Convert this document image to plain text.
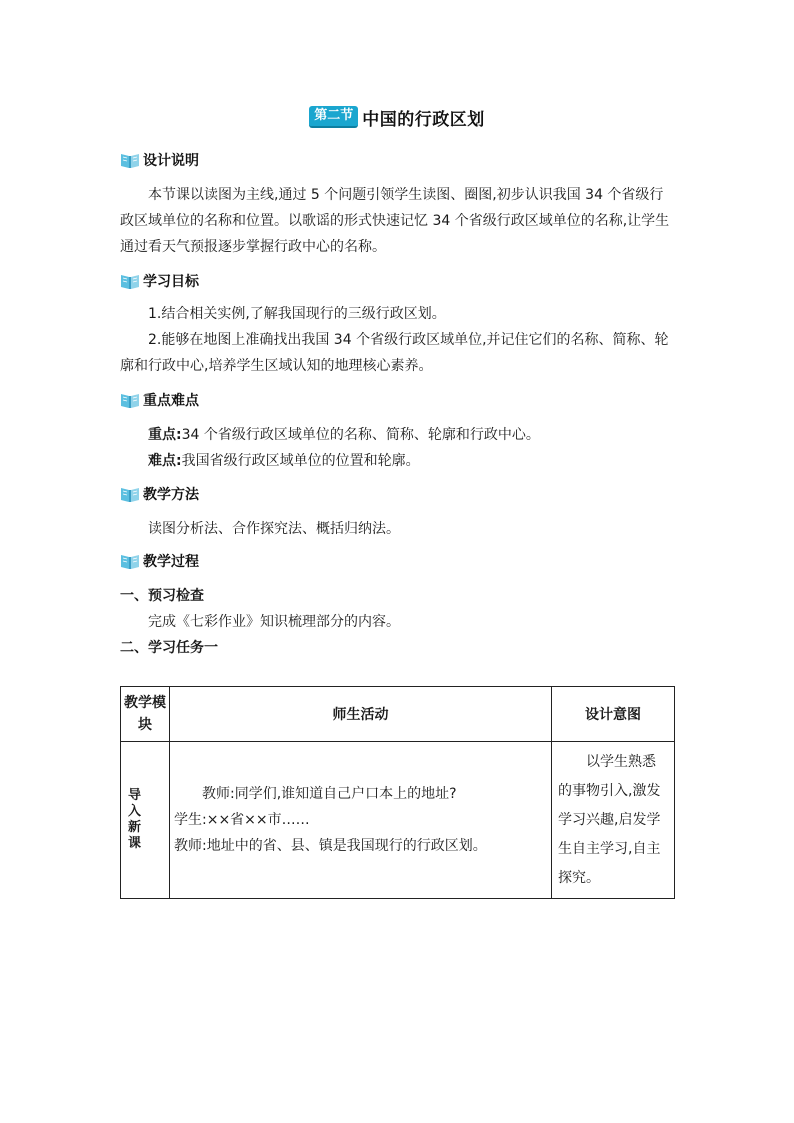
第二节 中国的行政区划
设计说明
本节课以读图为主线,通过 5 个问题引领学生读图、圈图,初步认识我国 34 个省级行政区域单位的名称和位置。以歌谣的形式快速记忆 34 个省级行政区域单位的名称,让学生通过看天气预报逐步掌握行政中心的名称。
学习目标
1.结合相关实例,了解我国现行的三级行政区划。
2.能够在地图上准确找出我国 34 个省级行政区域单位,并记住它们的名称、简称、轮廓和行政中心,培养学生区域认知的地理核心素养。
重点难点
重点:34 个省级行政区域单位的名称、简称、轮廓和行政中心。
难点:我国省级行政区域单位的位置和轮廓。
教学方法
读图分析法、合作探究法、概括归纳法。
教学过程
一、预习检查
完成《七彩作业》知识梳理部分的内容。
二、学习任务一
教学模块	师生活动	设计意图

导入新课	教师:同学们,谁知道自己户口本上的地址?
学生:××省××市……
教师:地址中的省、县、镇是我国现行的行政区划。	以学生熟悉的事物引入,激发学习兴趣,启发学生自主学习,自主探究。
